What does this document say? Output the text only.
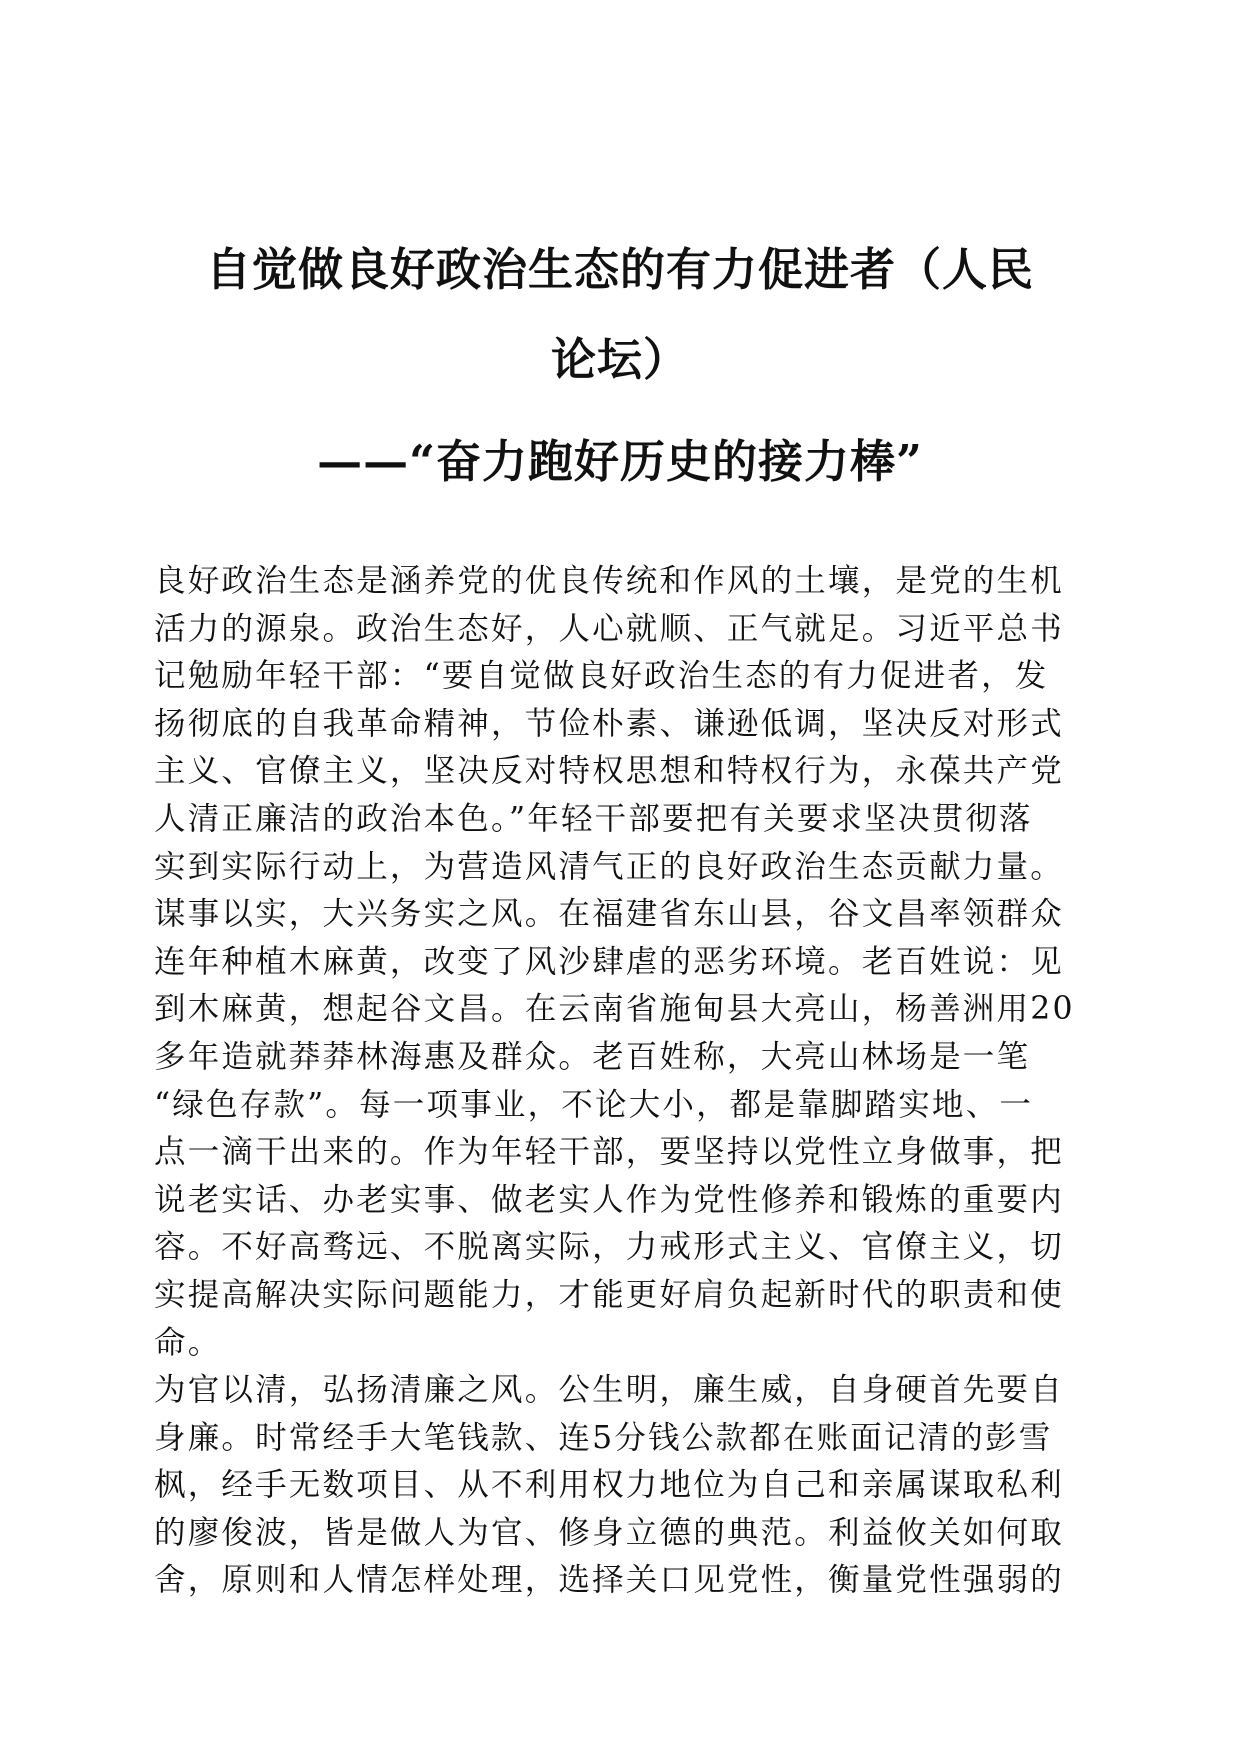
自觉做良好政治生态的有力促进者（人民
论坛）
——“奋力跑好历史的接力棒”
良好政治生态是涵养党的优良传统和作风的土壤，是党的生机
活力的源泉。政治生态好，人心就顺、正气就足。习近平总书
记勉励年轻干部：“要自觉做良好政治生态的有力促进者，发
扬彻底的自我革命精神，节俭朴素、谦逊低调，坚决反对形式
主义、官僚主义，坚决反对特权思想和特权行为，永葆共产党
人清正廉洁的政治本色。”年轻干部要把有关要求坚决贯彻落
实到实际行动上，为营造风清气正的良好政治生态贡献力量。
谋事以实，大兴务实之风。在福建省东山县，谷文昌率领群众
连年种植木麻黄，改变了风沙肆虐的恶劣环境。老百姓说：见
到木麻黄，想起谷文昌。在云南省施甸县大亮山，杨善洲用20
多年造就莽莽林海惠及群众。老百姓称，大亮山林场是一笔
“绿色存款”。每一项事业，不论大小，都是靠脚踏实地、一
点一滴干出来的。作为年轻干部，要坚持以党性立身做事，把
说老实话、办老实事、做老实人作为党性修养和锻炼的重要内
容。不好高骛远、不脱离实际，力戒形式主义、官僚主义，切
实提高解决实际问题能力，才能更好肩负起新时代的职责和使
命。
为官以清，弘扬清廉之风。公生明，廉生威，自身硬首先要自
身廉。时常经手大笔钱款、连5分钱公款都在账面记清的彭雪
枫，经手无数项目、从不利用权力地位为自己和亲属谋取私利
的廖俊波，皆是做人为官、修身立德的典范。利益攸关如何取
舍，原则和人情怎样处理，选择关口见党性，衡量党性强弱的
